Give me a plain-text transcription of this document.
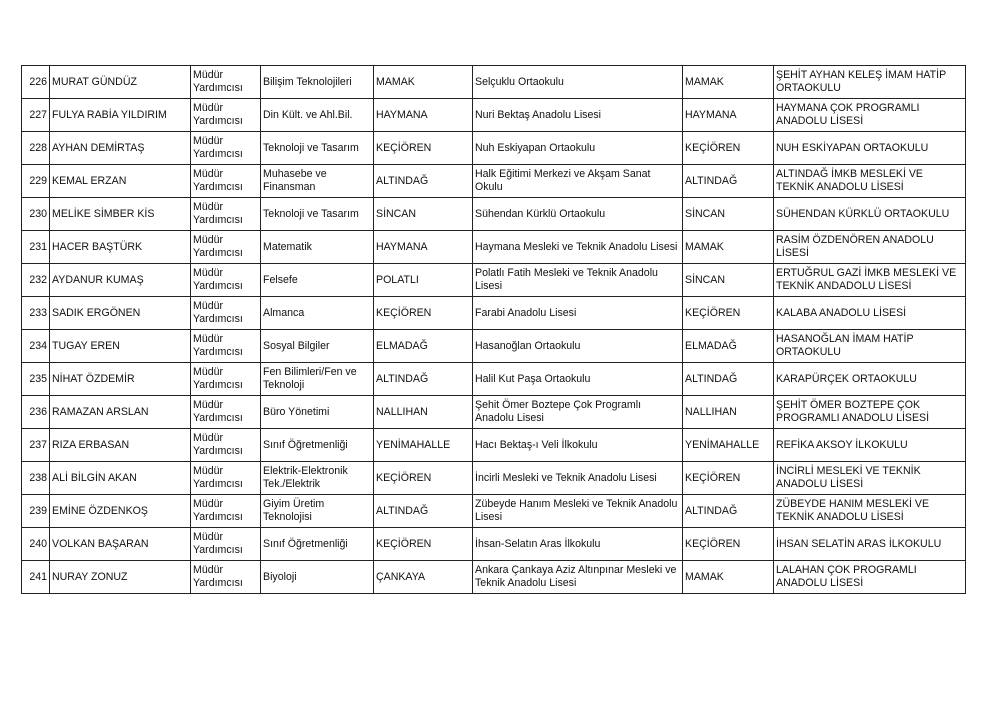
226	MURAT GÜNDÜZ	Müdür Yardımcısı	Bilişim Teknolojileri	MAMAK	Selçuklu Ortaokulu	MAMAK	ŞEHİT AYHAN KELEŞ İMAM HATİP ORTAOKULU
227	FULYA RABİA YILDIRIM	Müdür Yardımcısı	Din Kült. ve Ahl.Bil.	HAYMANA	Nuri Bektaş Anadolu Lisesi	HAYMANA	HAYMANA ÇOK PROGRAMLI ANADOLU LİSESİ
228	AYHAN DEMİRTAŞ	Müdür Yardımcısı	Teknoloji ve Tasarım	KEÇİÖREN	Nuh Eskiyapan Ortaokulu	KEÇİÖREN	NUH ESKİYAPAN ORTAOKULU
229	KEMAL ERZAN	Müdür Yardımcısı	Muhasebe ve Finansman	ALTINDAĞ	Halk Eğitimi Merkezi ve Akşam Sanat Okulu	ALTINDAĞ	ALTINDAĞ İMKB MESLEKİ VE TEKNİK ANADOLU LİSESİ
230	MELİKE SİMBER KİS	Müdür Yardımcısı	Teknoloji ve Tasarım	SİNCAN	Sühendan Kürklü Ortaokulu	SİNCAN	SÜHENDAN KÜRKLÜ ORTAOKULU
231	HACER BAŞTÜRK	Müdür Yardımcısı	Matematik	HAYMANA	Haymana Mesleki ve Teknik Anadolu Lisesi	MAMAK	RASİM ÖZDENÖREN ANADOLU LİSESİ
232	AYDANUR KUMAŞ	Müdür Yardımcısı	Felsefe	POLATLI	Polatlı Fatih Mesleki ve Teknik Anadolu Lisesi	SİNCAN	ERTUĞRUL GAZİ İMKB MESLEKİ VE TEKNİK ANDADOLU LİSESİ
233	SADIK ERGÖNEN	Müdür Yardımcısı	Almanca	KEÇİÖREN	Farabi Anadolu Lisesi	KEÇİÖREN	KALABA ANADOLU LİSESİ
234	TUGAY EREN	Müdür Yardımcısı	Sosyal Bilgiler	ELMADAĞ	Hasanoğlan Ortaokulu	ELMADAĞ	HASANOĞLAN İMAM HATİP ORTAOKULU
235	NİHAT ÖZDEMİR	Müdür Yardımcısı	Fen Bilimleri/Fen ve Teknoloji	ALTINDAĞ	Halil Kut Paşa Ortaokulu	ALTINDAĞ	KARAPÜRÇEK ORTAOKULU
236	RAMAZAN ARSLAN	Müdür Yardımcısı	Büro Yönetimi	NALLIHAN	Şehit Ömer Boztepe Çok Programlı Anadolu Lisesi	NALLIHAN	ŞEHİT ÖMER BOZTEPE ÇOK PROGRAMLI ANADOLU LİSESİ
237	RIZA ERBASAN	Müdür Yardımcısı	Sınıf Öğretmenliği	YENİMAHALLE	Hacı Bektaş-ı Veli İlkokulu	YENİMAHALLE	REFİKA AKSOY İLKOKULU
238	ALİ BİLGİN AKAN	Müdür Yardımcısı	Elektrik-Elektronik Tek./Elektrik	KEÇİÖREN	İncirli Mesleki ve Teknik Anadolu Lisesi	KEÇİÖREN	İNCİRLİ MESLEKİ VE TEKNİK ANADOLU LİSESİ
239	EMİNE ÖZDENKOŞ	Müdür Yardımcısı	Giyim Üretim Teknolojisi	ALTINDAĞ	Zübeyde Hanım Mesleki ve Teknik Anadolu Lisesi	ALTINDAĞ	ZÜBEYDE HANIM MESLEKİ VE TEKNİK ANADOLU LİSESİ
240	VOLKAN BAŞARAN	Müdür Yardımcısı	Sınıf Öğretmenliği	KEÇİÖREN	İhsan-Selatın Aras İlkokulu	KEÇİÖREN	İHSAN SELATİN ARAS İLKOKULU
241	NURAY ZONUZ	Müdür Yardımcısı	Biyoloji	ÇANKAYA	Ankara Çankaya Aziz Altınpınar Mesleki ve Teknik Anadolu Lisesi	MAMAK	LALAHAN ÇOK PROGRAMLI ANADOLU LİSESİ
